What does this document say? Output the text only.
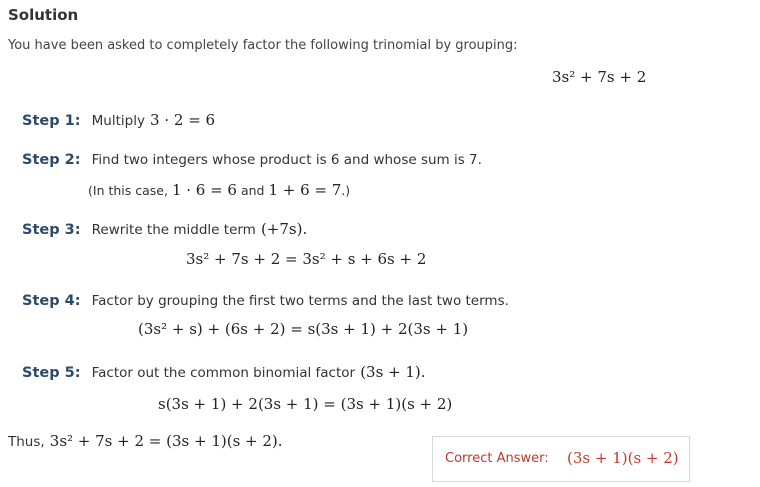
Solution
You have been asked to completely factor the following trinomial by grouping:
3s² + 7s + 2
Step 1: Multiply 3 · 2 = 6
Step 2: Find two integers whose product is 6 and whose sum is 7.
(In this case, 1 · 6 = 6 and 1 + 6 = 7.)
Step 3: Rewrite the middle term (+7s).
3s² + 7s + 2 = 3s² + s + 6s + 2
Step 4: Factor by grouping the first two terms and the last two terms.
(3s² + s) + (6s + 2) = s(3s + 1) + 2(3s + 1)
Step 5: Factor out the common binomial factor (3s + 1).
s(3s + 1) + 2(3s + 1) = (3s + 1)(s + 2)
Thus, 3s² + 7s + 2 = (3s + 1)(s + 2).
Correct Answer: (3s + 1)(s + 2)
